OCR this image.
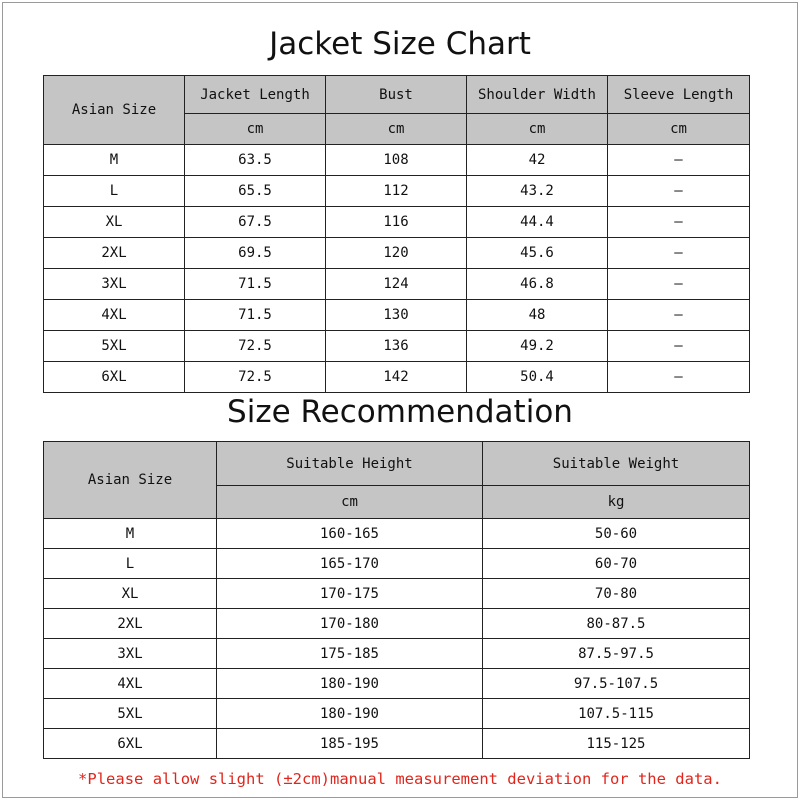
Jacket Size Chart
Asian Size	Jacket Length	Bust	Shoulder Width	Sleeve Length
	cm	cm	cm	cm
M	63.5	108	42	–
L	65.5	112	43.2	–
XL	67.5	116	44.4	–
2XL	69.5	120	45.6	–
3XL	71.5	124	46.8	–
4XL	71.5	130	48	–
5XL	72.5	136	49.2	–
6XL	72.5	142	50.4	–
Size Recommendation
Asian Size	Suitable Height	Suitable Weight
	cm	kg
M	160-165	50-60
L	165-170	60-70
XL	170-175	70-80
2XL	170-180	80-87.5
3XL	175-185	87.5-97.5
4XL	180-190	97.5-107.5
5XL	180-190	107.5-115
6XL	185-195	115-125
*Please allow slight (±2cm)manual measurement deviation for the data.
